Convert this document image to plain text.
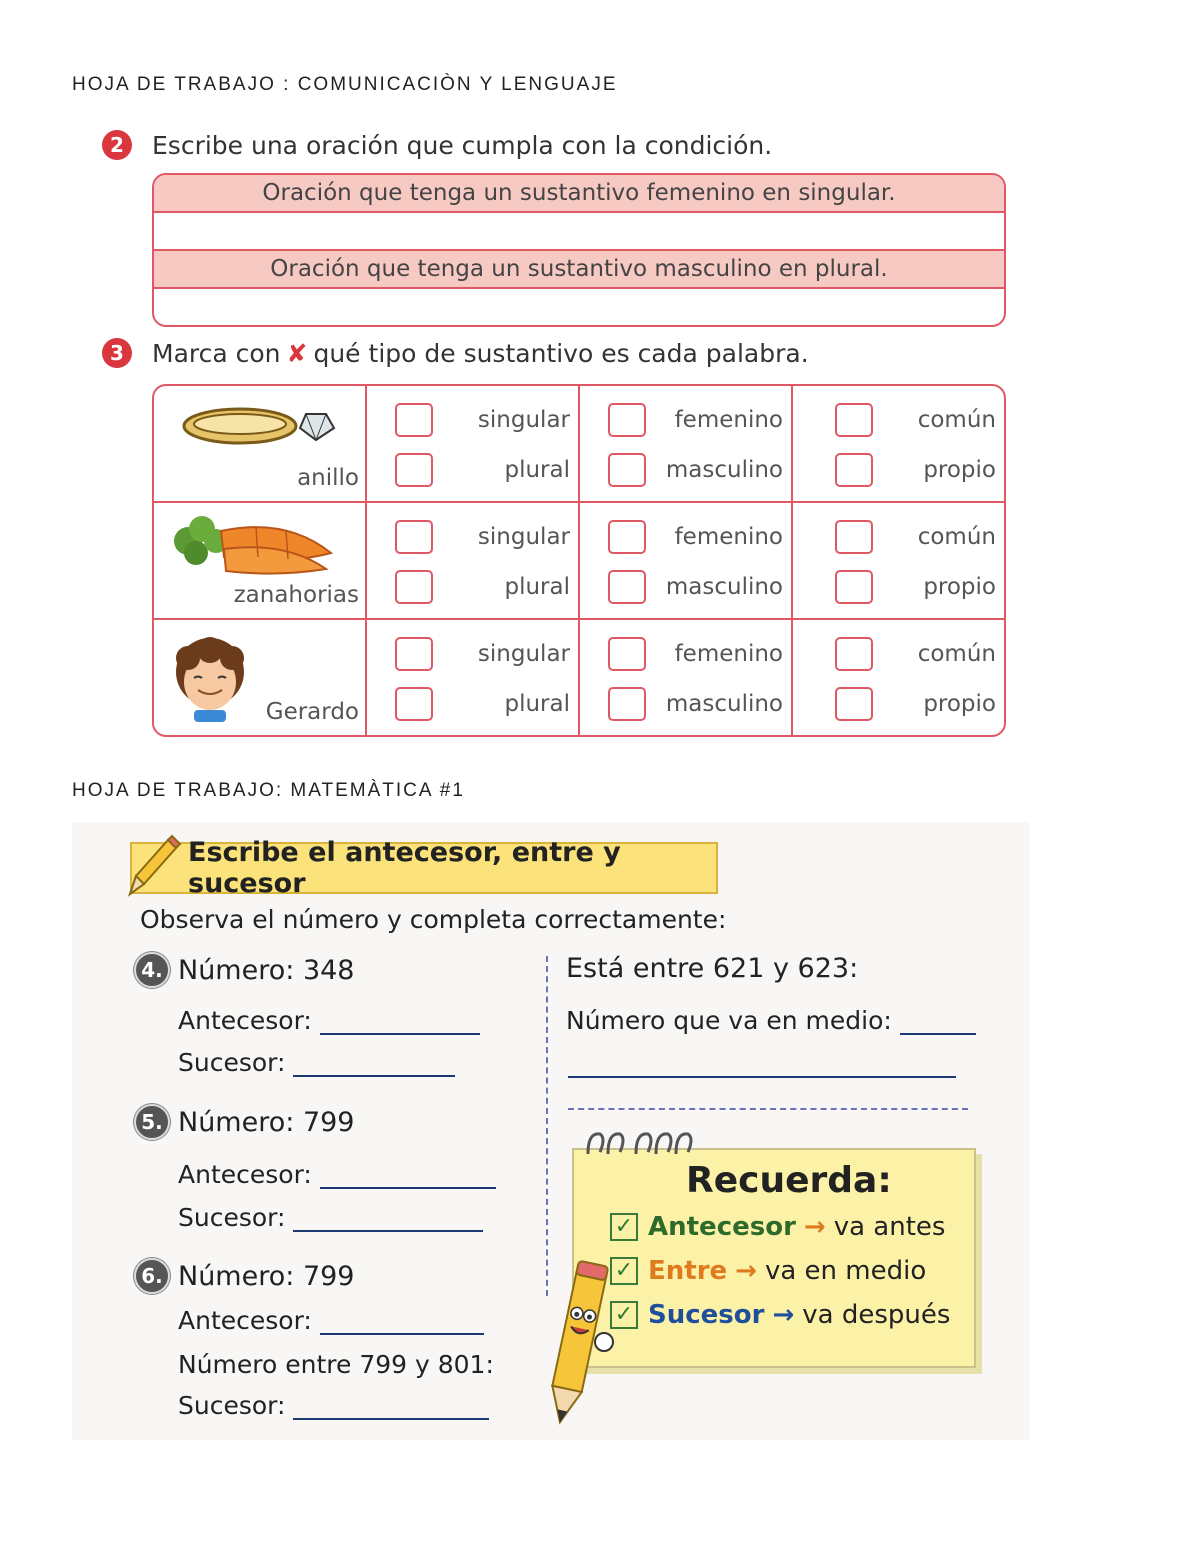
HOJA DE TRABAJO : COMUNICACIÒN Y LENGUAJE
2	Escribe una oración que cumpla con la condición.
Oración que tenga un sustantivo femenino en singular.
Oración que tenga un sustantivo masculino en plural.
3	Marca con ✘ qué tipo de sustantivo es cada palabra.
anillo
singular
plural
femenino
masculino
común
propio
zanahorias
singular
plural
femenino
masculino
común
propio
Gerardo
singular
plural
femenino
masculino
común
propio
HOJA DE TRABAJO: MATEMÀTICA #1
Escribe el antecesor, entre y sucesor
Observa el número y completa correctamente:
4. Número:
348
Antecesor:
Sucesor:
5. Número:
799
Antecesor:
Sucesor:
6. Número:
799
Antecesor:
Número entre 799 y 801:
Sucesor:
Está entre 621 y 623:
Número que va en medio:
Recuerda:
✓ Antecesor → va antes
✓ Entre → va en medio
✓ Sucesor → va después
